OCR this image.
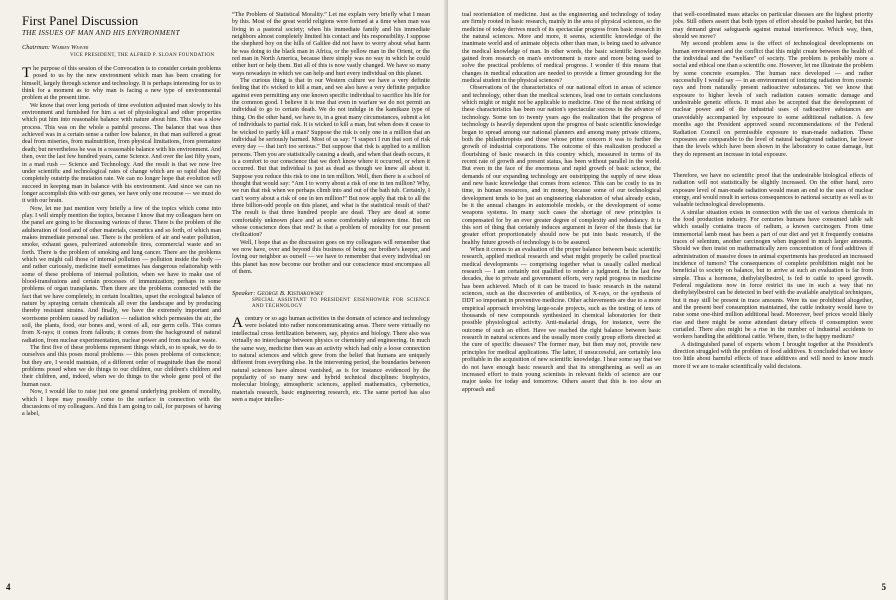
First Panel Discussion
THE ISSUES OF MAN AND HIS ENVIRONMENT
Chairman: Warren Weaver
VICE PRESIDENT, THE ALFRED P. SLOAN FOUNDATION

The purpose of this session of the Convocation is to consider certain problems posed to us by the new environment which man has been creating for himself, largely through science and technology. It is perhaps interesting for us to think for a moment as to why man is facing a new type of environmental problem at the present time.

We know that over long periods of time evolution adjusted man slowly to his environment and furnished for him a set of physiological and other properties which put him into reasonable balance with nature about him. This was a slow process. This was on the whole a painful process. The balance that was thus achieved was in a certain sense a rather low balance, in that man suffered a great deal from miseries, from malnutrition, from physical limitations, from premature death; but nevertheless he was in a reasonable balance with his environment. And then, over the last few hundred years, came Science. And over the last fifty years, in a mad rush — Science and Technology. And the result is that we now live under scientific and technological rates of change which are so rapid that they completely outstrip the mutation rate. We can no longer hope that evolution will succeed in keeping man in balance with his environment. And since we can no longer accomplish this with our genes, we have only one recourse — we must do it with our brain.

Now, let me just mention very briefly a few of the topics which come into play. I will simply mention the topics, because I know that my colleagues here on the panel are going to be discussing various of these. There is the problem of the adulteration of food and of other materials, cosmetics and so forth, of which man makes immediate personal use. There is the problem of air and water pollution, smoke, exhaust gases, pulverized automobile tires, commercial waste and so forth. There is the problem of smoking and lung cancer. There are the problems which we might call those of internal pollution — pollution inside the body — and rather curiously, medicine itself sometimes has dangerous relationship with some of these problems of internal pollution, when we have to make use of blood-transfusions and certain processes of immunization; perhaps in some problems of organ transplants. Then there are the problems connected with the fact that we have completely, in certain localities, upset the ecological balance of nature by spraying certain chemicals all over the landscape and by producing thereby resistant strains. And finally, we have the extremely important and worrisome problem caused by radiation — radiation which permeates the air, the soil, the plants, food, our bones and, worst of all, our germ cells. This comes from X-rays; it comes from fallouts; it comes from the background of natural radiation, from nuclear experimentation, nuclear power and from nuclear waste.

The first five of these problems represent things which, so to speak, we do to ourselves and this poses moral problems — this poses problems of conscience; but they are, I would maintain, of a different order of magnitude than the moral problems posed when we do things to our children, our children's children and their children, and, indeed, when we do things to the whole gene pool of the human race.

Now, I would like to raise just one general underlying problem of morality, which I hope may possibly come to the surface in connection with the discussions of my colleagues. And this I am going to call, for purposes of having a label,

“The Problem of Statistical Morality.” Let me explain very briefly what I mean by this. Most of the great world religions were formed at a time when man was living in a pastoral society; when his immediate family and his immediate neighbors almost completely limited his contact and his responsibility. I suppose the shepherd boy on the hills of Galilee did not have to worry about what harm he was doing to the black man in Africa, or the yellow man in the Orient, or the red man in North America, because there simply was no way in which he could either hurt or help them. But all of this is now vastly changed. We have so many ways nowadays in which we can help and hurt every individual on this planet.

The curious thing is that in our Western culture we have a very definite feeling that it's wicked to kill a man, and we also have a very definite prejudice against even permitting any one known specific individual to sacrifice his life for the common good. I believe it is true that even in warfare we do not permit an individual to go to certain death. We do not indulge in the kamikaze type of thing. On the other hand, we have to, in a great many circumstances, submit a lot of individuals to partial risk. It is wicked to kill a man, but when does it cease to be wicked to partly kill a man? Suppose the risk is only one in a million that an individual be seriously harmed. Most of us say: “I suspect I run that sort of risk every day — that isn't too serious.” But suppose that risk is applied to a million persons. Then you are statistically causing a death, and when that death occurs, it is a comfort to our conscience that we don't know where it occurred, or when it occurred. But that individual is just as dead as though we knew all about it. Suppose you reduce this risk to one in ten million. Well, then there is a school of thought that would say: “Am I to worry about a risk of one in ten million? Why, we run that risk when we perhaps climb into and out of the bath tub. Certainly, I can't worry about a risk of one in ten million!” But now apply that risk to all the three billion-odd people on this planet, and what is the statistical result of that? The result is that three hundred people are dead. They are dead at some comfortably unknown place and at some comfortably unknown time. But on whose conscience does that rest? Is that a problem of morality for our present civilization?

Well, I hope that as the discussion goes on my colleagues will remember that we now have, over and beyond this business of being our brother's keeper, and loving our neighbor as ourself — we have to remember that every individual on this planet has now become our brother and our conscience must encompass all of them.

Speaker: George B. Kistiakowsky
SPECIAL ASSISTANT TO PRESIDENT EISENHOWER FOR SCIENCE AND TECHNOLOGY

A century or so ago human activities in the domain of science and technology were isolated into rather noncommunicating areas. There were virtually no intellectual cross fertilization between, say, physics and biology. There also was virtually no interchange between physics or chemistry and engineering. In much the same way, medicine then was an activity which had only a loose connection to natural sciences and which grew from the belief that humans are uniquely different from everything else. In the intervening period, the boundaries between natural sciences have almost vanished, as is for instance evidenced by the popularity of so many new and hybrid technical disciplines: biophysics, molecular biology, atmospheric sciences, applied mathematics, cybernetics, materials research, basic engineering research, etc. The same period has also seen a major intellec-

4

tual reorientation of medicine. Just as the engineering and technology of today are firmly rooted in basic research, mainly in the area of physical sciences, so the medicine of today derives much of its spectacular progress from basic research in the natural sciences. More and more, it seems, scientific knowledge of the inanimate world and of animate objects other than man, is being used to advance the medical knowledge of man. In other words, the basic scientific knowledge gained from research on man's environment is more and more being used to solve the practical problems of medical progress. I wonder if this means that changes in medical education are needed to provide a firmer grounding for the medical student in the physical sciences?

Observations of the characteristics of our national effort in areas of science and technology, other than the medical sciences, lead one to certain conclusions which might or might not be applicable to medicine. One of the most striking of these characteristics has been our nation's spectacular success in the advance of technology. Some ten to twenty years ago the realization that the progress of technology is heavily dependent upon the progress of basic scientific knowledge began to spread among our national planners and among many private citizens, both the philanthropists and those whose prime concern it was to further the growth of industrial corporations. The outcome of this realization produced a flourishing of basic research in this country which, measured in terms of its recent rate of growth and present status, has been without parallel in the world. But even in the face of the enormous and rapid growth of basic science, the demands of our expanding technology are outstripping the supply of new ideas and new basic knowledge that comes from science. This can be costly to us in time, in human resources, and in money, because some of our technological development tends to be just an engineering elaboration of what already exists, be it the annual changes in automobile models, or the development of some weapons systems. In many such cases the shortage of new principles is compensated for by an ever greater degree of complexity and redundancy. It is this sort of thing that certainly induces argument in favor of the thesis that far greater effort proportionately should now be put into basic research, if the healthy future growth of technology is to be assured.

When it comes to an evaluation of the proper balance between basic scientific research, applied medical research and what might properly be called practical medical developments — comprising together what is usually called medical research — I am certainly not qualified to render a judgment. In the last few decades, due to private and government efforts, very rapid progress in medicine has been achieved. Much of it can be traced to basic research in the natural sciences, such as the discoveries of antibiotics, of X-rays, or the synthesis of DDT so important in preventive medicine. Other achievements are due to a more empirical approach involving large-scale projects, such as the testing of tens of thousands of new compounds synthesized in chemical laboratories for their possible physiological activity. Anti-malarial drugs, for instance, were the outcome of such an effort. Have we reached the right balance between basic research in natural sciences and the usually more costly group efforts directed at the cure of specific diseases? The former may, but then may not, provide new principles for medical applications. The latter, if unsuccessful, are certainly less profitable in the acquisition of new scientific knowledge. I hear some say that we do not have enough basic research and that its strengthening as well as an increased effort to train young scientists in relevant fields of science are our major tasks for today and tomorrow. Others assert that this is too slow an approach and

that well-coordinated mass attacks on particular diseases are the highest priority jobs. Still others assert that both types of effort should be pushed harder, but this may demand great safeguards against mutual interference. Which way, then, should we move?

My second problem area is the effect of technological developments on human environment and the conflict that this might create between the health of the individual and the “welfare” of society. The problem is probably more a social and ethical one than a scientific one. However, let me illustrate the problem by some concrete examples. The human race developed — and rather successfully I would say — in an environment of ionizing radiation from cosmic rays and from naturally present radioactive substances. Yet we know that exposure to higher levels of such radiation causes somatic damage and undesirable genetic effects. It must also be accepted that the development of nuclear power and of the industrial uses of radioactive substances are unavoidably accompanied by exposure to some additional radiation. A few months ago the President approved sound recommendations of the Federal Radiation Council on permissible exposure to man-made radiation. These exposures are comparable to the level of natural background radiation, far lower than the levels which have been shown in the laboratory to cause damage, but they do represent an increase in total exposure.

Therefore, we have no scientific proof that the undesirable biological effects of radiation will not statistically be slightly increased. On the other hand, zero exposure level of man-made radiation would mean an end to the uses of nuclear energy, and would result in serious consequences to national security as well as to valuable technological developments.

A similar situation exists in connection with the use of various chemicals in the food production industry. For centuries humans have consumed table salt which usually contains traces of radium, a known carcinogen. From time immemorial lamb meat has been a part of our diet and yet it frequently contains traces of selenium, another carcinogen when ingested in much larger amounts. Should we then insist on mathematically zero concentration of food additives if administration of massive doses in animal experiments has produced an increased incidence of tumors? The consequences of complete prohibition might not be beneficial to society on balance, but to arrive at such an evaluation is far from simple. Thus a hormone, diethylstylbestrol, is fed to cattle to speed growth. Federal regulations now in force restrict its use in such a way that no diethylstylbestrol can be detected in beef with the available analytical techniques, but it may still be present in trace amounts. Were its use prohibited altogether, and the present beef consumption maintained, the cattle industry would have to raise some one-third million additional head. Moreover, beef prices would likely rise and there might be some attendant dietary effects if consumption were curtailed. There also might be a rise in the number of industrial accidents to workers handling the additional cattle. Where, then, is the happy medium?

A distinguished panel of experts whom I brought together at the President's direction struggled with the problem of food additives. It concluded that we know too little about harmful effects of trace additives and will need to know much more if we are to make scientifically valid decisions.

5
